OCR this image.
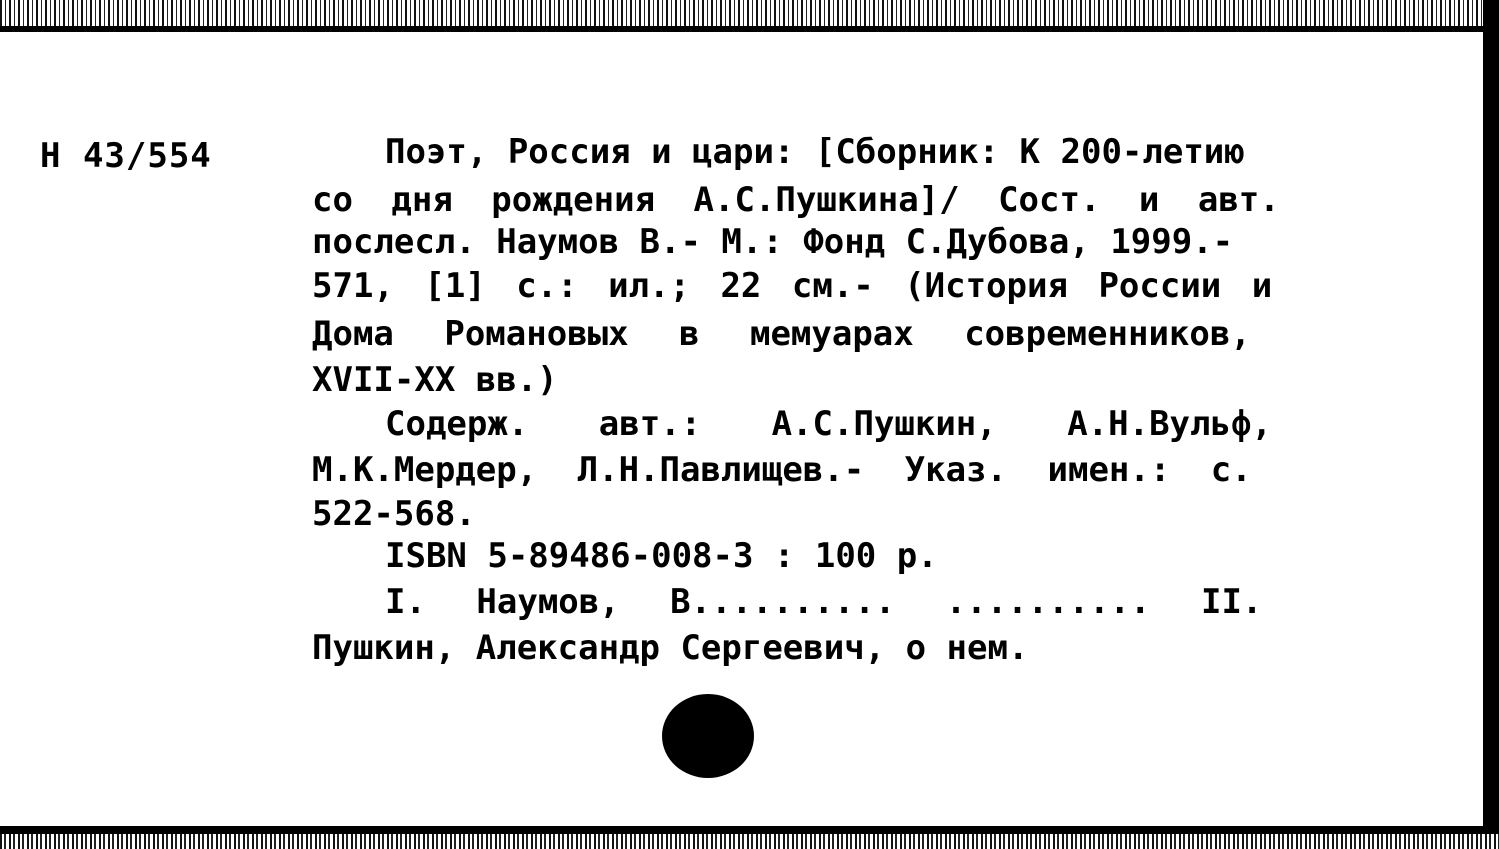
Н 43/554	Поэт, Россия и цари: [Сборник: К 200-летию
со дня рождения А.С.Пушкина]/ Сост. и авт.
послесл. Наумов В.- М.: Фонд С.Дубова, 1999.-
571, [1] с.: ил.; 22 см.- (История России и
Дома Романовых в мемуарах современников,
XVII-XX вв.)
Содерж. авт.: А.С.Пушкин, А.Н.Вульф,
М.К.Мердер, Л.Н.Павлищев.- Указ. имен.: с.
522-568.
ISBN 5-89486-008-3 : 100 р.
I. Наумов, В.......... .......... II.
Пушкин, Александр Сергеевич, о нем.
